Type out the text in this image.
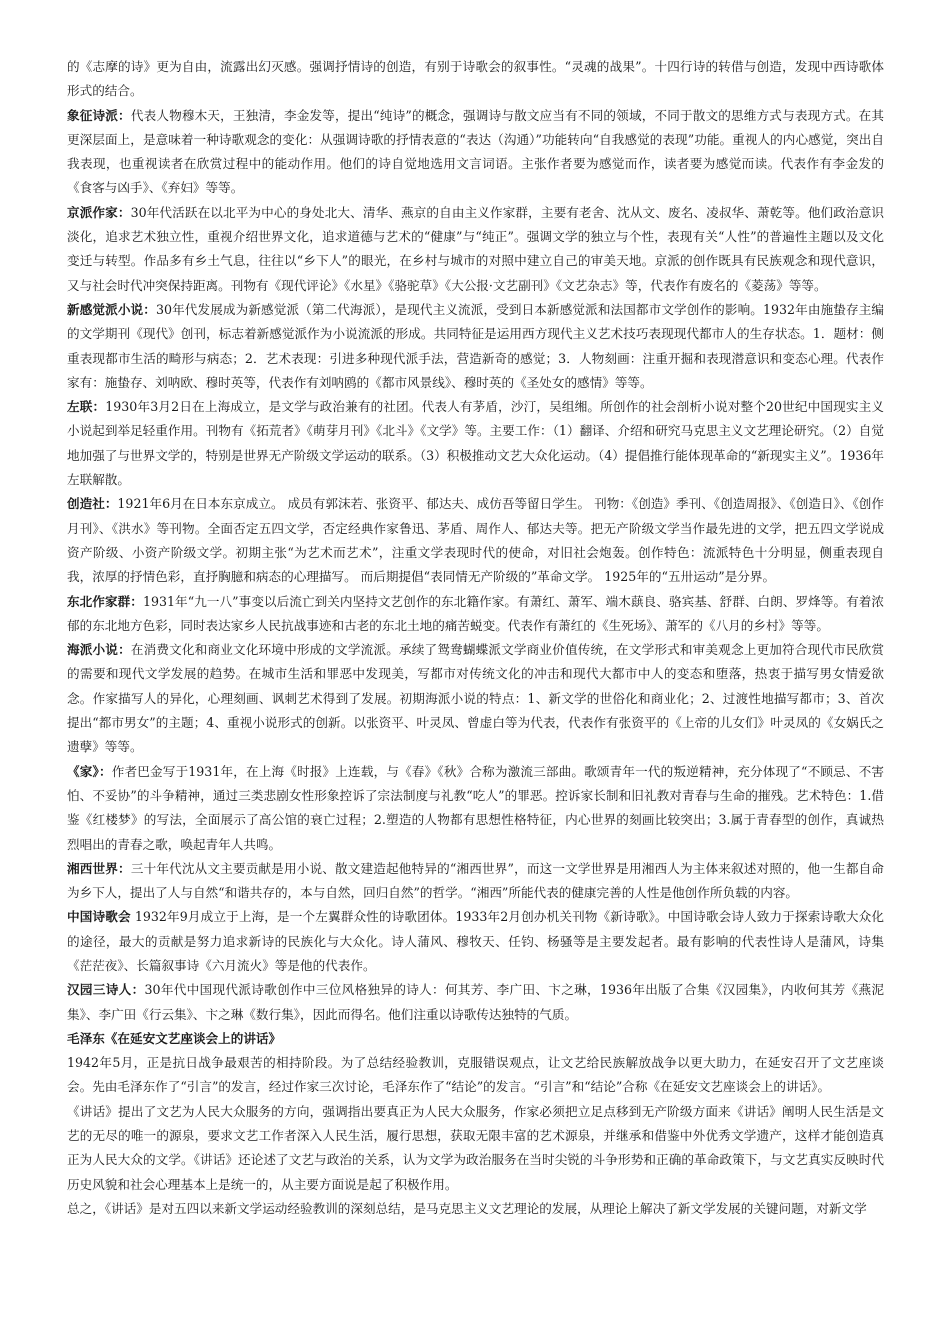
的《志摩的诗》更为自由，流露出幻灭感。强调抒情诗的创造，有别于诗歌会的叙事性。“灵魂的战果”。十四行诗的转借与创造，发现中西诗歌体形式的结合。

象征诗派：代表人物穆木天，王独清，李金发等，提出“纯诗”的概念，强调诗与散文应当有不同的领域，不同于散文的思维方式与表现方式。在其更深层面上，是意味着一种诗歌观念的变化：从强调诗歌的抒情表意的“表达（沟通）”功能转向“自我感觉的表现”功能。重视人的内心感觉，突出自我表现，也重视读者在欣赏过程中的能动作用。他们的诗自觉地选用文言词语。主张作者要为感觉而作，读者要为感觉而读。代表作有李金发的《食客与凶手》、《弃妇》等等。

京派作家：30年代活跃在以北平为中心的身处北大、清华、燕京的自由主义作家群，主要有老舍、沈从文、废名、凌叔华、萧乾等。他们政治意识淡化，追求艺术独立性，重视介绍世界文化，追求道德与艺术的“健康”与“纯正”。强调文学的独立与个性，表现有关“人性”的普遍性主题以及文化变迁与转型。作品多有乡土气息，往往以“乡下人”的眼光，在乡村与城市的对照中建立自己的审美天地。京派的创作既具有民族观念和现代意识，又与社会时代冲突保持距离。刊物有《现代评论》《水星》《骆驼草》《大公报·文艺副刊》《文艺杂志》等，代表作有废名的《菱荡》等等。

新感觉派小说：30年代发展成为新感觉派（第二代海派），是现代主义流派，受到日本新感觉派和法国都市文学创作的影响。1932年由施蛰存主编的文学期刊《现代》创刊，标志着新感觉派作为小说流派的形成。共同特征是运用西方现代主义艺术技巧表现现代都市人的生存状态。1．题材：侧重表现都市生活的畸形与病态；2．艺术表现：引进多种现代派手法，营造新奇的感觉；3．人物刻画：注重开掘和表现潜意识和变态心理。代表作家有：施蛰存、刘呐欧、穆时英等，代表作有刘呐鸥的《都市风景线》、穆时英的《圣处女的感情》等等。

左联：1930年3月2日在上海成立，是文学与政治兼有的社团。代表人有茅盾，沙汀，吴组缃。所创作的社会剖析小说对整个20世纪中国现实主义小说起到举足轻重作用。刊物有《拓荒者》《萌芽月刊》《北斗》《文学》等。主要工作：（1）翻译、介绍和研究马克思主义文艺理论研究。（2）自觉地加强了与世界文学的，特别是世界无产阶级文学运动的联系。（3）积极推动文艺大众化运动。（4）提倡推行能体现革命的“新现实主义”。1936年左联解散。

创造社：1921年6月在日本东京成立。 成员有郭沫若、张资平、郁达夫、成仿吾等留日学生。 刊物：《创造》季刊、《创造周报》、《创造日》、《创作月刊》、《洪水》等刊物。全面否定五四文学，否定经典作家鲁迅、茅盾、周作人、郁达夫等。把无产阶级文学当作最先进的文学，把五四文学说成资产阶级、小资产阶级文学。初期主张“为艺术而艺术”，注重文学表现时代的使命，对旧社会炮轰。创作特色：流派特色十分明显，侧重表现自我，浓厚的抒情色彩，直抒胸臆和病态的心理描写。 而后期提倡“表同情无产阶级的”革命文学。 1925年的“五卅运动”是分界。

东北作家群：1931年“九一八”事变以后流亡到关内坚持文艺创作的东北籍作家。有萧红、萧军、端木蕻良、骆宾基、舒群、白朗、罗烽等。有着浓郁的东北地方色彩，同时表达家乡人民抗战事迹和古老的东北土地的痛苦蜕变。代表作有萧红的《生死场》、萧军的《八月的乡村》等等。

海派小说：在消费文化和商业文化环境中形成的文学流派。承续了鸳鸯蝴蝶派文学商业价值传统，在文学形式和审美观念上更加符合现代市民欣赏的需要和现代文学发展的趋势。在城市生活和罪恶中发现美，写都市对传统文化的冲击和现代大都市中人的变态和堕落，热衷于描写男女情爱欲念。作家描写人的异化，心理刻画、讽刺艺术得到了发展。初期海派小说的特点：1、新文学的世俗化和商业化；2、过渡性地描写都市；3、首次提出“都市男女”的主题；4、重视小说形式的创新。以张资平、叶灵凤、曾虚白等为代表，代表作有张资平的《上帝的儿女们》叶灵凤的《女娲氏之遗孽》等等。

《家》：作者巴金写于1931年，在上海《时报》上连载，与《春》《秋》合称为激流三部曲。歌颂青年一代的叛逆精神，充分体现了“不顾忌、不害怕、不妥协”的斗争精神，通过三类悲剧女性形象控诉了宗法制度与礼教“吃人”的罪恶。控诉家长制和旧礼教对青春与生命的摧残。艺术特色：1.借鉴《红楼梦》的写法，全面展示了高公馆的衰亡过程；2.塑造的人物都有思想性格特征，内心世界的刻画比较突出；3.属于青春型的创作，真诚热烈唱出的青春之歌，唤起青年人共鸣。

湘西世界：三十年代沈从文主要贡献是用小说、散文建造起他特异的“湘西世界”，而这一文学世界是用湘西人为主体来叙述对照的，他一生都自命为乡下人，提出了人与自然“和谐共存的，本与自然，回归自然”的哲学。“湘西”所能代表的健康完善的人性是他创作所负载的内容。

中国诗歌会 1932年9月成立于上海，是一个左翼群众性的诗歌团体。1933年2月创办机关刊物《新诗歌》。中国诗歌会诗人致力于探索诗歌大众化的途径，最大的贡献是努力追求新诗的民族化与大众化。诗人蒲风、穆牧天、任钧、杨骚等是主要发起者。最有影响的代表性诗人是蒲风，诗集《茫茫夜》、长篇叙事诗《六月流火》等是他的代表作。

汉园三诗人：30年代中国现代派诗歌创作中三位风格独异的诗人：何其芳、李广田、卞之琳，1936年出版了合集《汉园集》，内收何其芳《燕泥集》、李广田《行云集》、卞之琳《数行集》，因此而得名。他们注重以诗歌传达独特的气质。

毛泽东《在延安文艺座谈会上的讲话》

1942年5月，正是抗日战争最艰苦的相持阶段。为了总结经验教训，克服错误观点，让文艺给民族解放战争以更大助力，在延安召开了文艺座谈会。先由毛泽东作了“引言”的发言，经过作家三次讨论，毛泽东作了“结论”的发言。“引言”和“结论”合称《在延安文艺座谈会上的讲话》。

《讲话》提出了文艺为人民大众服务的方向，强调指出要真正为人民大众服务，作家必须把立足点移到无产阶级方面来《讲话》阐明人民生活是文艺的无尽的唯一的源泉，要求文艺工作者深入人民生活，履行思想，获取无限丰富的艺术源泉，并继承和借鉴中外优秀文学遗产，这样才能创造真正为人民大众的文学。《讲话》还论述了文艺与政治的关系，认为文学为政治服务在当时尖锐的斗争形势和正确的革命政策下，与文艺真实反映时代历史风貌和社会心理基本上是统一的，从主要方面说是起了积极作用。

总之，《讲话》是对五四以来新文学运动经验教训的深刻总结，是马克思主义文艺理论的发展，从理论上解决了新文学发展的关键问题，对新文学
